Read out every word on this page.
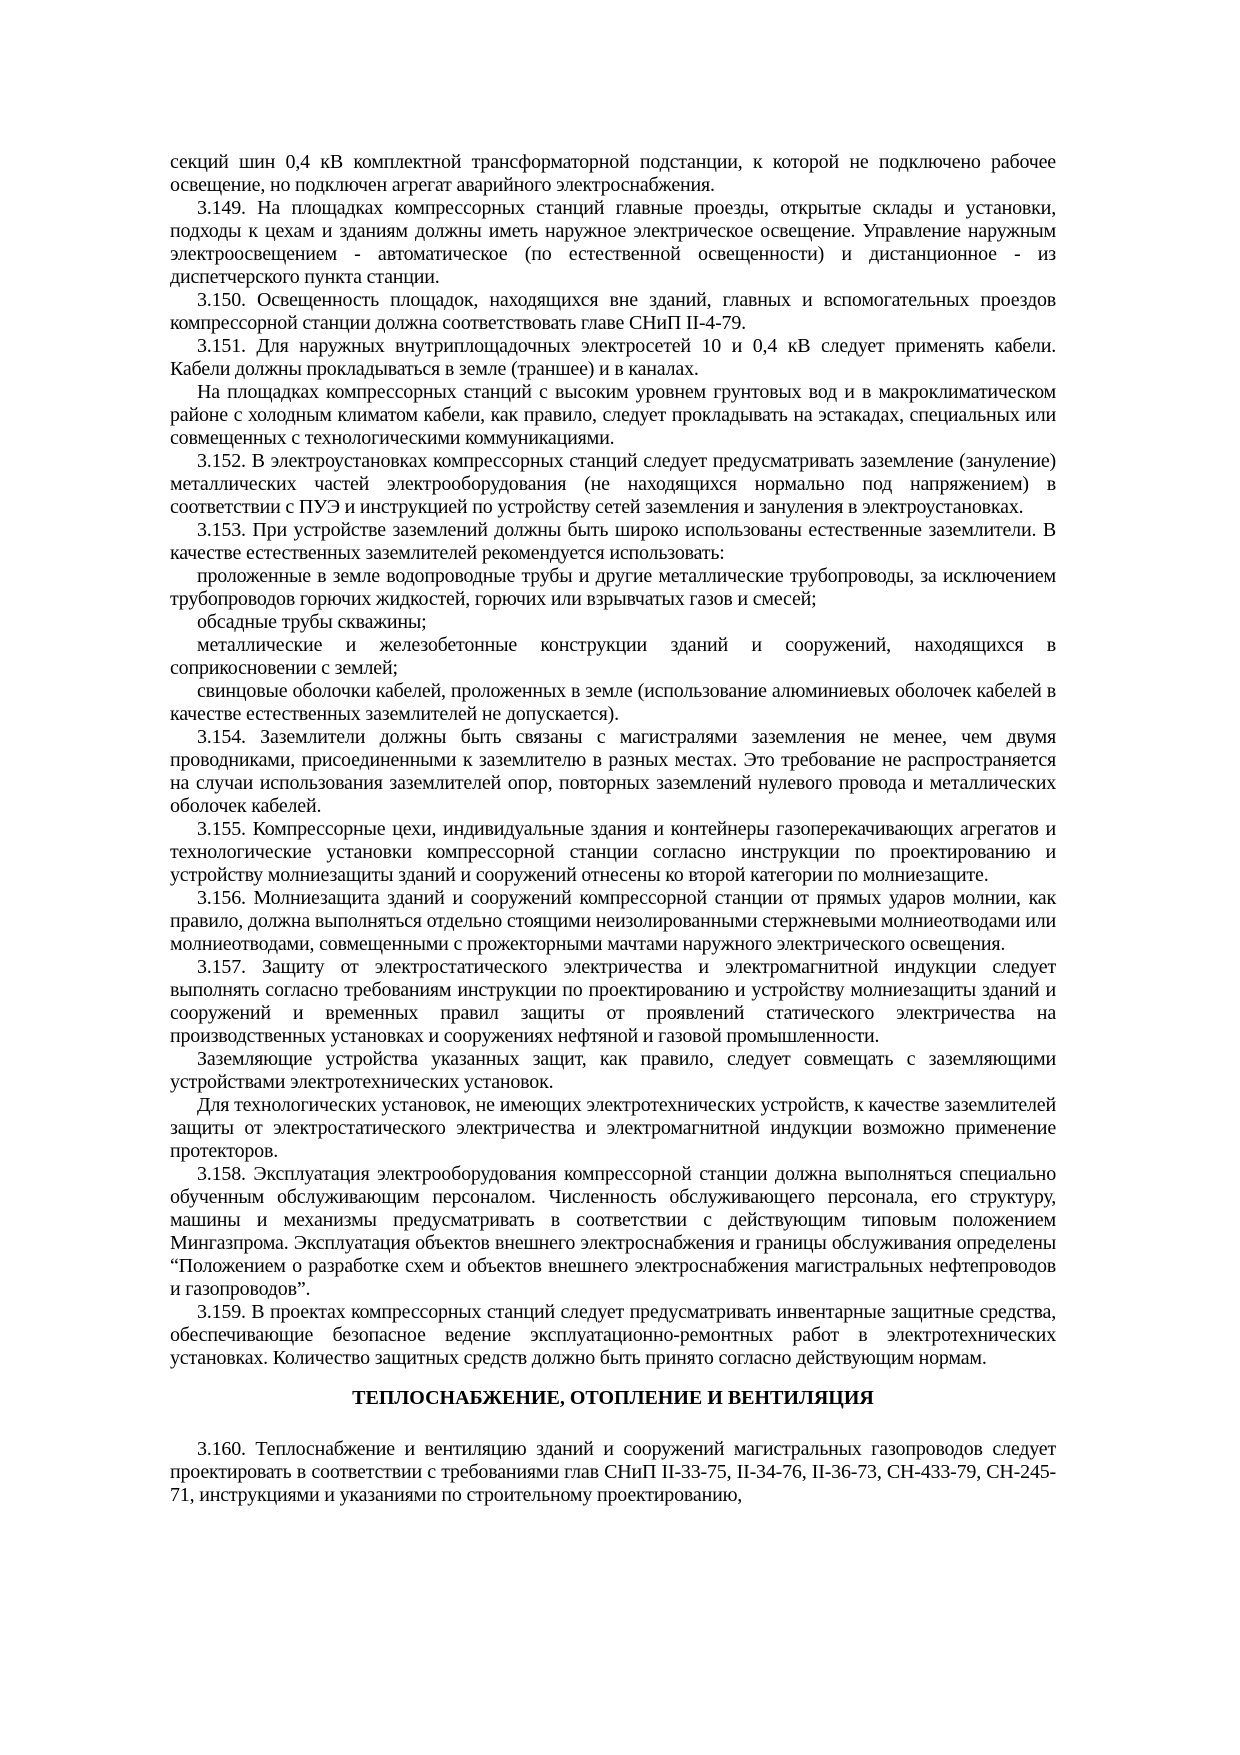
секций шин 0,4 кВ комплектной трансформаторной подстанции, к которой не подключено рабочее освещение, но подключен агрегат аварийного электроснабжения.

3.149. На площадках компрессорных станций главные проезды, открытые склады и установки, подходы к цехам и зданиям должны иметь наружное электрическое освещение. Управление наружным электроосвещением - автоматическое (по естественной освещенности) и дистанционное - из диспетчерского пункта станции.

3.150. Освещенность площадок, находящихся вне зданий, главных и вспомогательных проездов компрессорной станции должна соответствовать главе СНиП II-4-79.

3.151. Для наружных внутриплощадочных электросетей 10 и 0,4 кВ следует применять кабели. Кабели должны прокладываться в земле (траншее) и в каналах.

На площадках компрессорных станций с высоким уровнем грунтовых вод и в макроклиматическом районе с холодным климатом кабели, как правило, следует прокладывать на эстакадах, специальных или совмещенных с технологическими коммуникациями.

3.152. В электроустановках компрессорных станций следует предусматривать заземление (зануление) металлических частей электрооборудования (не находящихся нормально под напряжением) в соответствии с ПУЭ и инструкцией по устройству сетей заземления и зануления в электроустановках.

3.153. При устройстве заземлений должны быть широко использованы естественные заземлители. В качестве естественных заземлителей рекомендуется использовать:

проложенные в земле водопроводные трубы и другие металлические трубопроводы, за исключением трубопроводов горючих жидкостей, горючих или взрывчатых газов и смесей;

обсадные трубы скважины;

металлические и железобетонные конструкции зданий и сооружений, находящихся в соприкосновении с землей;

свинцовые оболочки кабелей, проложенных в земле (использование алюминиевых оболочек кабелей в качестве естественных заземлителей не допускается).

3.154. Заземлители должны быть связаны с магистралями заземления не менее, чем двумя проводниками, присоединенными к заземлителю в разных местах. Это требование не распространяется на случаи использования заземлителей опор, повторных заземлений нулевого провода и металлических оболочек кабелей.

3.155. Компрессорные цехи, индивидуальные здания и контейнеры газоперекачивающих агрегатов и технологические установки компрессорной станции согласно инструкции по проектированию и устройству молниезащиты зданий и сооружений отнесены ко второй категории по молниезащите.

3.156. Молниезащита зданий и сооружений компрессорной станции от прямых ударов молнии, как правило, должна выполняться отдельно стоящими неизолированными стержневыми молниеотводами или молниеотводами, совмещенными с прожекторными мачтами наружного электрического освещения.

3.157. Защиту от электростатического электричества и электромагнитной индукции следует выполнять согласно требованиям инструкции по проектированию и устройству молниезащиты зданий и сооружений и временных правил защиты от проявлений статического электричества на производственных установках и сооружениях нефтяной и газовой промышленности.

Заземляющие устройства указанных защит, как правило, следует совмещать с заземляющими устройствами электротехнических установок.

Для технологических установок, не имеющих электротехнических устройств, к качестве заземлителей защиты от электростатического электричества и электромагнитной индукции возможно применение протекторов.

3.158. Эксплуатация электрооборудования компрессорной станции должна выполняться специально обученным обслуживающим персоналом. Численность обслуживающего персонала, его структуру, машины и механизмы предусматривать в соответствии с действующим типовым положением Мингазпрома. Эксплуатация объектов внешнего электроснабжения и границы обслуживания определены “Положением о разработке схем и объектов внешнего электроснабжения магистральных нефтепроводов и газопроводов”.

3.159. В проектах компрессорных станций следует предусматривать инвентарные защитные средства, обеспечивающие безопасное ведение эксплуатационно-ремонтных работ в электротехнических установках. Количество защитных средств должно быть принято согласно действующим нормам.

ТЕПЛОСНАБЖЕНИЕ, ОТОПЛЕНИЕ И ВЕНТИЛЯЦИЯ

3.160. Теплоснабжение и вентиляцию зданий и сооружений магистральных газопроводов следует проектировать в соответствии с требованиями глав СНиП II-33-75, II-34-76, II-36-73, СН-433-79, СН-245-71, инструкциями и указаниями по строительному проектированию,
